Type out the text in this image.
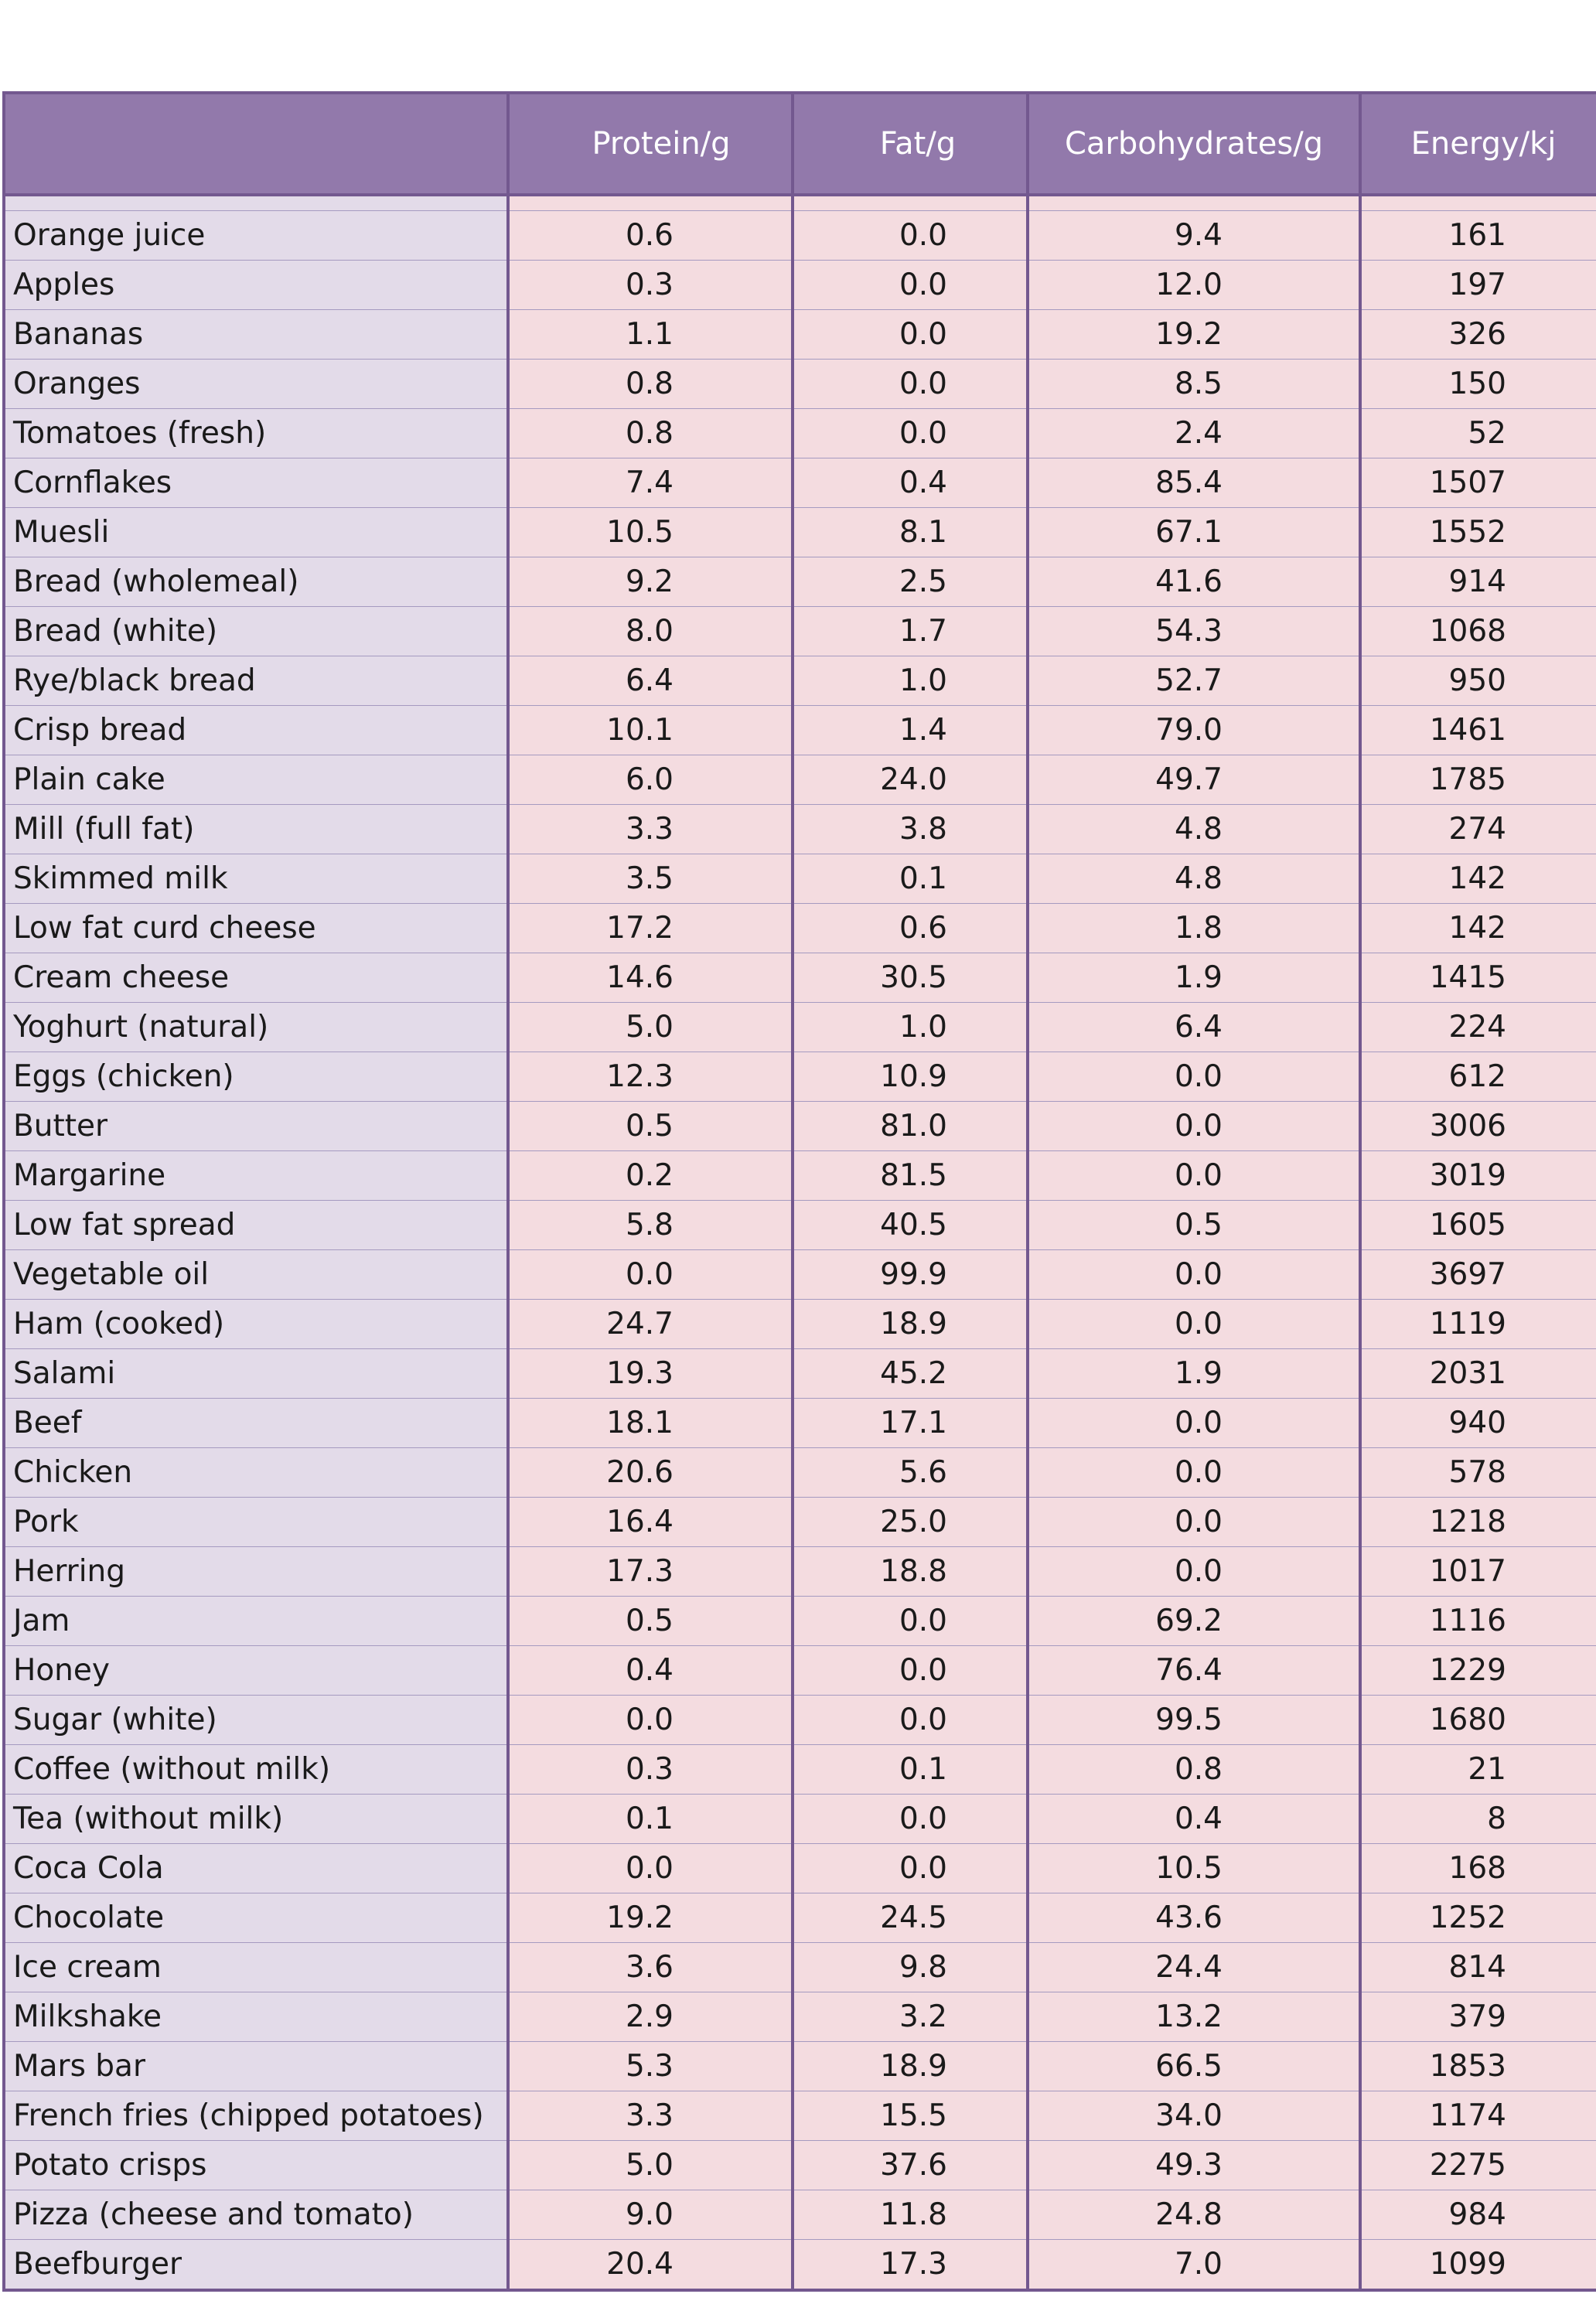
	Protein/g	Fat/g	Carbohydrates/g	Energy/kj

Orange juice	0.6	0.0	9.4	161
Apples	0.3	0.0	12.0	197
Bananas	1.1	0.0	19.2	326
Oranges	0.8	0.0	8.5	150
Tomatoes (fresh)	0.8	0.0	2.4	52
Cornflakes	7.4	0.4	85.4	1507
Muesli	10.5	8.1	67.1	1552
Bread (wholemeal)	9.2	2.5	41.6	914
Bread (white)	8.0	1.7	54.3	1068
Rye/black bread	6.4	1.0	52.7	950
Crisp bread	10.1	1.4	79.0	1461
Plain cake	6.0	24.0	49.7	1785
Mill (full fat)	3.3	3.8	4.8	274
Skimmed milk	3.5	0.1	4.8	142
Low fat curd cheese	17.2	0.6	1.8	142
Cream cheese	14.6	30.5	1.9	1415
Yoghurt (natural)	5.0	1.0	6.4	224
Eggs (chicken)	12.3	10.9	0.0	612
Butter	0.5	81.0	0.0	3006
Margarine	0.2	81.5	0.0	3019
Low fat spread	5.8	40.5	0.5	1605
Vegetable oil	0.0	99.9	0.0	3697
Ham (cooked)	24.7	18.9	0.0	1119
Salami	19.3	45.2	1.9	2031
Beef	18.1	17.1	0.0	940
Chicken	20.6	5.6	0.0	578
Pork	16.4	25.0	0.0	1218
Herring	17.3	18.8	0.0	1017
Jam	0.5	0.0	69.2	1116
Honey	0.4	0.0	76.4	1229
Sugar (white)	0.0	0.0	99.5	1680
Coffee (without milk)	0.3	0.1	0.8	21
Tea (without milk)	0.1	0.0	0.4	8
Coca Cola	0.0	0.0	10.5	168
Chocolate	19.2	24.5	43.6	1252
Ice cream	3.6	9.8	24.4	814
Milkshake	2.9	3.2	13.2	379
Mars bar	5.3	18.9	66.5	1853
French fries (chipped potatoes)	3.3	15.5	34.0	1174
Potato crisps	5.0	37.6	49.3	2275
Pizza (cheese and tomato)	9.0	11.8	24.8	984
Beefburger	20.4	17.3	7.0	1099
